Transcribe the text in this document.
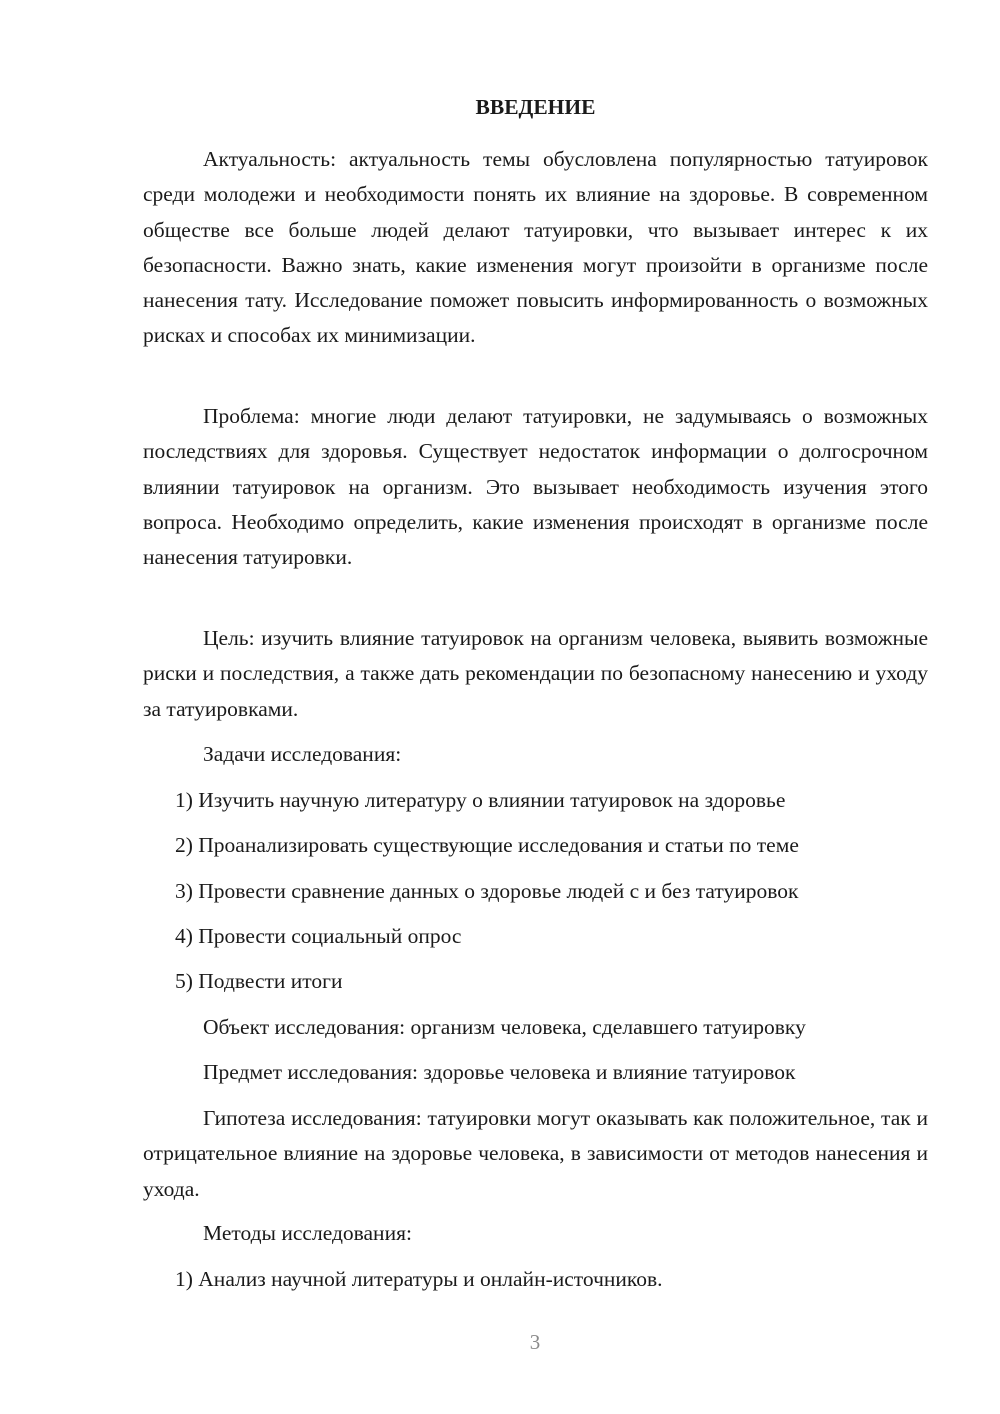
ВВЕДЕНИЕ
Актуальность: актуальность темы обусловлена популярностью татуировок среди молодежи и необходимости понять их влияние на здоровье. В современном обществе все больше людей делают татуировки, что вызывает интерес к их безопасности. Важно знать, какие изменения могут произойти в организме после нанесения тату. Исследование поможет повысить информированность о возможных рисках и способах их минимизации.
Проблема: многие люди делают татуировки, не задумываясь о возможных последствиях для здоровья. Существует недостаток информации о долгосрочном влиянии татуировок на организм. Это вызывает необходимость изучения этого вопроса. Необходимо определить, какие изменения происходят в организме после нанесения татуировки.
Цель: изучить влияние татуировок на организм человека, выявить возможные риски и последствия, а также дать рекомендации по безопасному нанесению и уходу за татуировками.
Задачи исследования:
1) Изучить научную литературу о влиянии татуировок на здоровье
2) Проанализировать существующие исследования и статьи по теме
3) Провести сравнение данных о здоровье людей с и без татуировок
4) Провести социальный опрос
5) Подвести итоги
Объект исследования: организм человека, сделавшего татуировку
Предмет исследования: здоровье человека и влияние татуировок
Гипотеза исследования: татуировки могут оказывать как положительное, так и отрицательное влияние на здоровье человека, в зависимости от методов нанесения и ухода.
Методы исследования:
1) Анализ научной литературы и онлайн-источников.
3
